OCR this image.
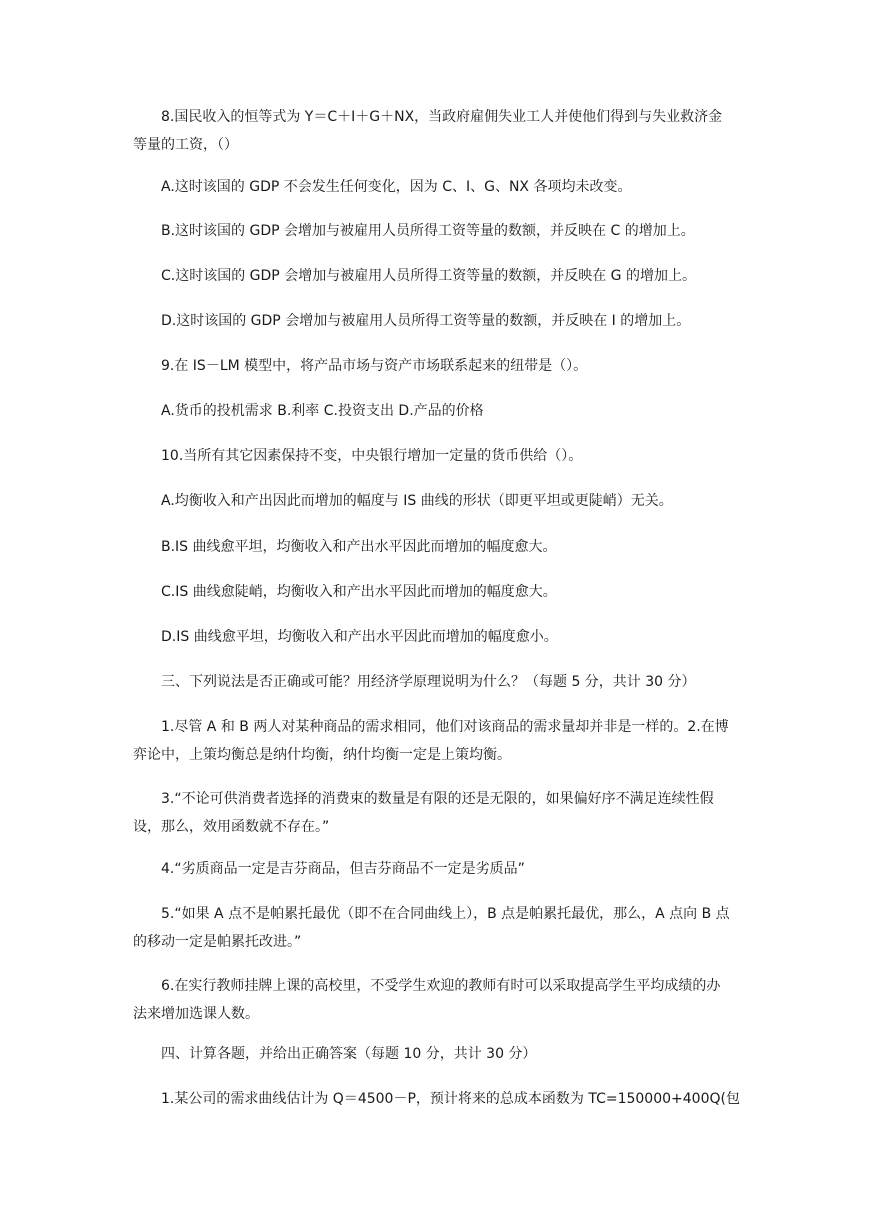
8.国民收入的恒等式为 Y＝C＋I＋G＋NX，当政府雇佣失业工人并使他们得到与失业救济金等量的工资，（）
A.这时该国的 GDP 不会发生任何变化，因为 C、I、G、NX 各项均未改变。
B.这时该国的 GDP 会增加与被雇用人员所得工资等量的数额，并反映在 C 的增加上。
C.这时该国的 GDP 会增加与被雇用人员所得工资等量的数额，并反映在 G 的增加上。
D.这时该国的 GDP 会增加与被雇用人员所得工资等量的数额，并反映在 I 的增加上。
9.在 IS－LM 模型中，将产品市场与资产市场联系起来的纽带是（）。
A.货币的投机需求 B.利率 C.投资支出 D.产品的价格
10.当所有其它因素保持不变，中央银行增加一定量的货币供给（）。
A.均衡收入和产出因此而增加的幅度与 IS 曲线的形状（即更平坦或更陡峭）无关。
B.IS 曲线愈平坦，均衡收入和产出水平因此而增加的幅度愈大。
C.IS 曲线愈陡峭，均衡收入和产出水平因此而增加的幅度愈大。
D.IS 曲线愈平坦，均衡收入和产出水平因此而增加的幅度愈小。
三、下列说法是否正确或可能？用经济学原理说明为什么？（每题 5 分，共计 30 分）
1.尽管 A 和 B 两人对某种商品的需求相同，他们对该商品的需求量却并非是一样的。2.在博弈论中，上策均衡总是纳什均衡，纳什均衡一定是上策均衡。
3.“不论可供消费者选择的消费束的数量是有限的还是无限的，如果偏好序不满足连续性假设，那么，效用函数就不存在。”
4.“劣质商品一定是吉芬商品，但吉芬商品不一定是劣质品”
5.“如果 A 点不是帕累托最优（即不在合同曲线上），B 点是帕累托最优，那么，A 点向 B 点的移动一定是帕累托改进。”
6.在实行教师挂牌上课的高校里，不受学生欢迎的教师有时可以采取提高学生平均成绩的办法来增加选课人数。
四、计算各题，并给出正确答案（每题 10 分，共计 30 分）
1.某公司的需求曲线估计为 Q＝4500－P，预计将来的总成本函数为 TC=150000+400Q(包
